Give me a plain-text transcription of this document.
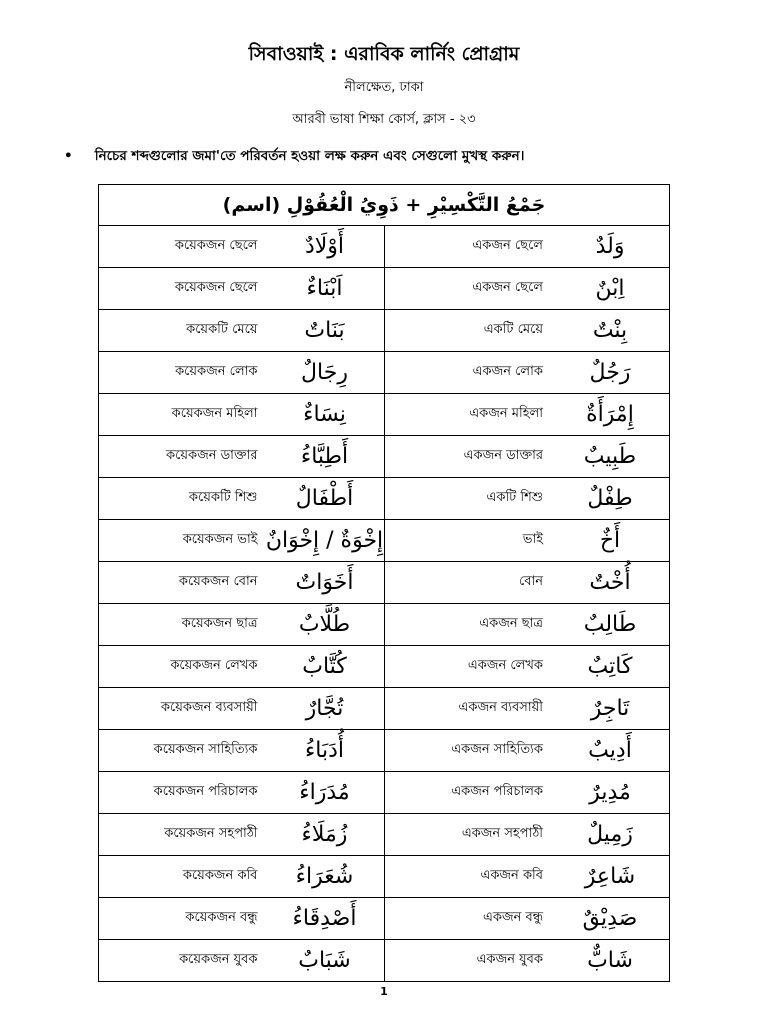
সিবাওয়াই : এরাবিক লার্নিং প্রোগ্রাম
নীলক্ষেত, ঢাকা
আরবী ভাষা শিক্ষা কোর্স, ক্লাস - ২৩
• নিচের শব্দগুলোর জমা'তে পরিবর্তন হওয়া লক্ষ করুন এবং সেগুলো মুখস্থ করুন।
جَمْعُ التَّكْسِيْرِ + ذَوِيُ الْعُقُوْلِ (اسم)	

কয়েকজন ছেলে أَوْلَادٌ	একজন ছেলে وَلَدٌ

কয়েকজন ছেলে اَبْنَاءٌ	একজন ছেলে اِبْنٌ

কয়েকটি মেয়ে بَنَاتٌ	একটি মেয়ে بِنْتٌ

কয়েকজন লোক رِجَالٌ	একজন লোক رَجُلٌ

কয়েকজন মহিলা نِسَاءٌ	একজন মহিলা إِمْرَأَةٌ

কয়েকজন ডাক্তার أَطِبَّاءُ	একজন ডাক্তার طَبِيبٌ

কয়েকটি শিশু أَطْفَالٌ	একটি শিশু طِفْلٌ

কয়েকজন ভাই إِخْوَةٌ / إِخْوَانٌ	ভাই أَخٌ

কয়েকজন বোন أَخَوَاتٌ	বোন أُخْتٌ

কয়েকজন ছাত্র طُلَّابٌ	একজন ছাত্র طَالِبٌ

কয়েকজন লেখক كُتَّابٌ	একজন লেখক كَاتِبٌ

কয়েকজন ব্যবসায়ী تُجَّارٌ	একজন ব্যবসায়ী تَاجِرٌ

কয়েকজন সাহিত্যিক أُدَبَاءُ	একজন সাহিত্যিক أَدِيبٌ

কয়েকজন পরিচালক مُدَرَاءُ	একজন পরিচালক مُدِيرٌ

কয়েকজন সহপাঠী زُمَلَاءُ	একজন সহপাঠী زَمِيلٌ

কয়েকজন কবি شُعَرَاءُ	একজন কবি شَاعِرٌ

কয়েকজন বন্ধু أَصْدِقَاءُ	একজন বন্ধু صَدِيْقٌ

কয়েকজন যুবক شَبَابٌ	একজন যুবক شَابٌّ
1
